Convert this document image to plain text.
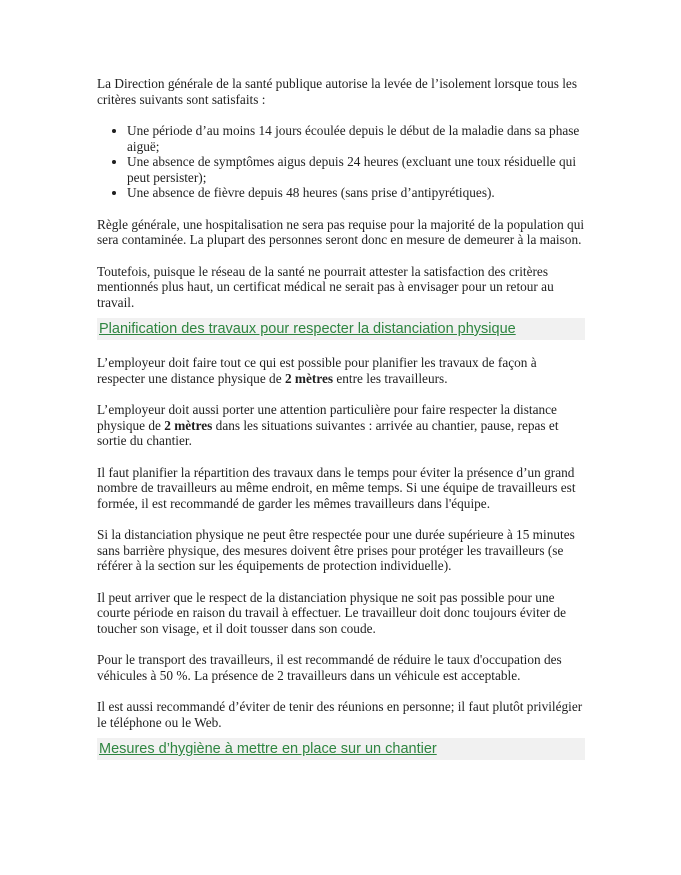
La Direction générale de la santé publique autorise la levée de l’isolement lorsque tous les critères suivants sont satisfaits :

• Une période d’au moins 14 jours écoulée depuis le début de la maladie dans sa phase aiguë;
• Une absence de symptômes aigus depuis 24 heures (excluant une toux résiduelle qui peut persister);
• Une absence de fièvre depuis 48 heures (sans prise d’antipyrétiques).

Règle générale, une hospitalisation ne sera pas requise pour la majorité de la population qui sera contaminée. La plupart des personnes seront donc en mesure de demeurer à la maison.

Toutefois, puisque le réseau de la santé ne pourrait attester la satisfaction des critères mentionnés plus haut, un certificat médical ne serait pas à envisager pour un retour au travail.

Planification des travaux pour respecter la distanciation physique

L’employeur doit faire tout ce qui est possible pour planifier les travaux de façon à respecter une distance physique de 2 mètres entre les travailleurs.

L’employeur doit aussi porter une attention particulière pour faire respecter la distance physique de 2 mètres dans les situations suivantes : arrivée au chantier, pause, repas et sortie du chantier.

Il faut planifier la répartition des travaux dans le temps pour éviter la présence d’un grand nombre de travailleurs au même endroit, en même temps. Si une équipe de travailleurs est formée, il est recommandé de garder les mêmes travailleurs dans l'équipe.

Si la distanciation physique ne peut être respectée pour une durée supérieure à 15 minutes sans barrière physique, des mesures doivent être prises pour protéger les travailleurs (se référer à la section sur les équipements de protection individuelle).

Il peut arriver que le respect de la distanciation physique ne soit pas possible pour une courte période en raison du travail à effectuer. Le travailleur doit donc toujours éviter de toucher son visage, et il doit tousser dans son coude.

Pour le transport des travailleurs, il est recommandé de réduire le taux d'occupation des véhicules à 50 %. La présence de 2 travailleurs dans un véhicule est acceptable.

Il est aussi recommandé d’éviter de tenir des réunions en personne; il faut plutôt privilégier le téléphone ou le Web.

Mesures d’hygiène à mettre en place sur un chantier
